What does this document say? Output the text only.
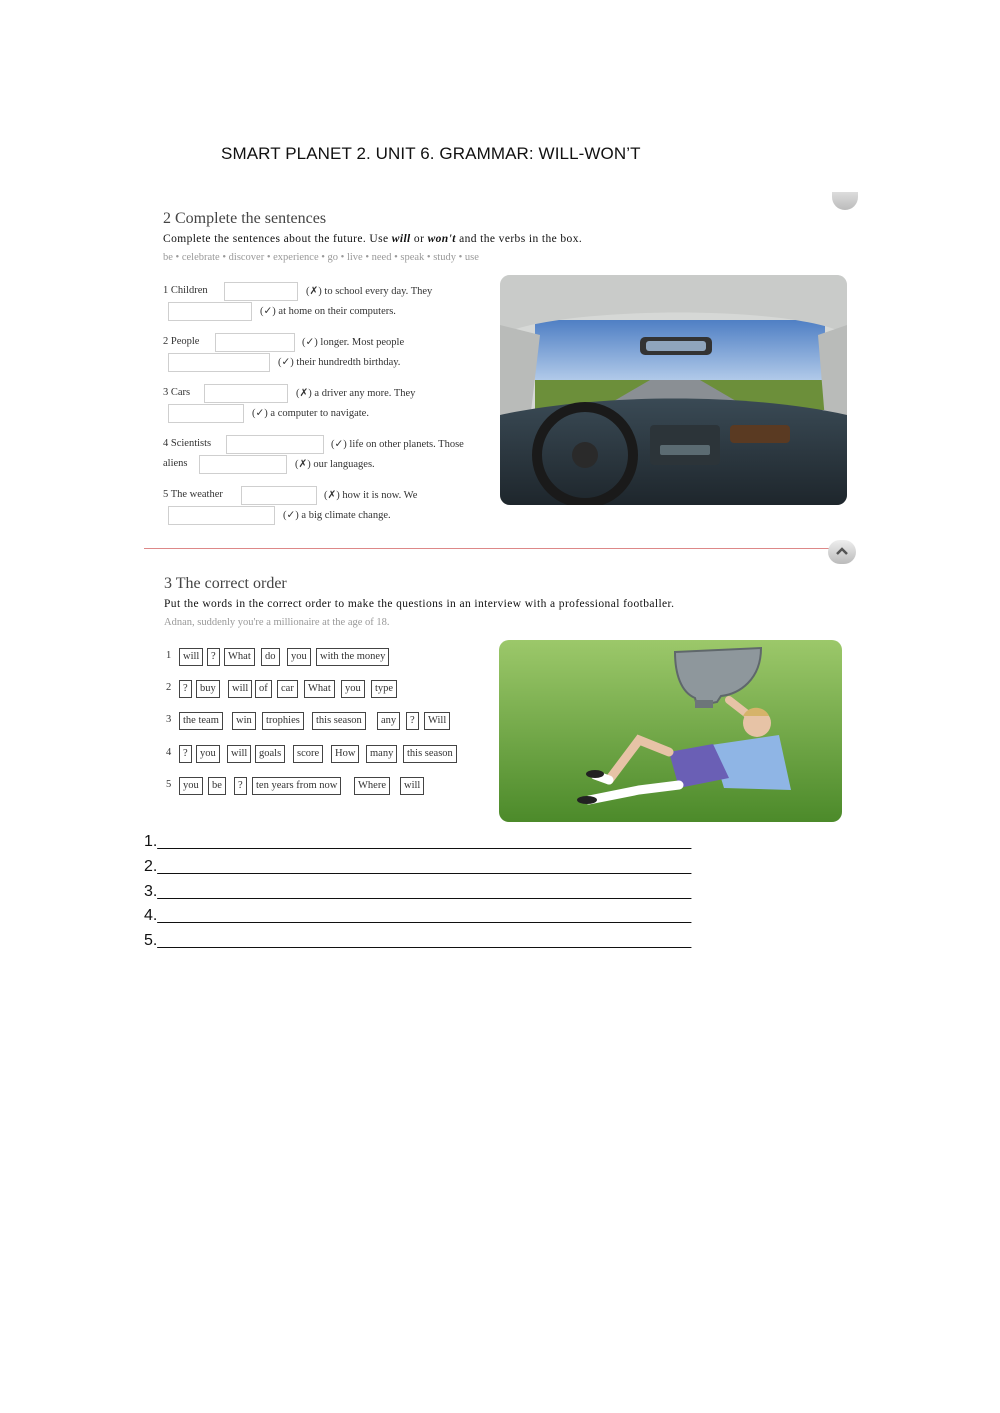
SMART PLANET 2. UNIT 6. GRAMMAR: WILL-WON’T
2 Complete the sentences
Complete the sentences about the future. Use will or won't and the verbs in the box.
be • celebrate • discover • experience • go • live • need • speak • study • use
1 Children	(✗) to school every day. They
(✓) at home on their computers.
2 People	(✓) longer. Most people
(✓) their hundredth birthday.
3 Cars	(✗) a driver any more. They
(✓) a computer to navigate.
4 Scientists	(✓) life on other planets. Those
aliens	(✗) our languages.
5 The weather	(✗) how it is now. We
(✓) a big climate change.
3 The correct order
Put the words in the correct order to make the questions in an interview with a professional footballer.
Adnan, suddenly you're a millionaire at the age of 18.
1	will	?	What	do	you	with the money
2	?	buy	will	of	car	What	you	type
3	the team	win	trophies	this season	any	?	Will
4	?	you	will	goals	score	How	many	this season
5	you	be	?	ten years from now	Where	will
1.____________________________________________________________
2.____________________________________________________________
3.____________________________________________________________
4.____________________________________________________________
5.____________________________________________________________
